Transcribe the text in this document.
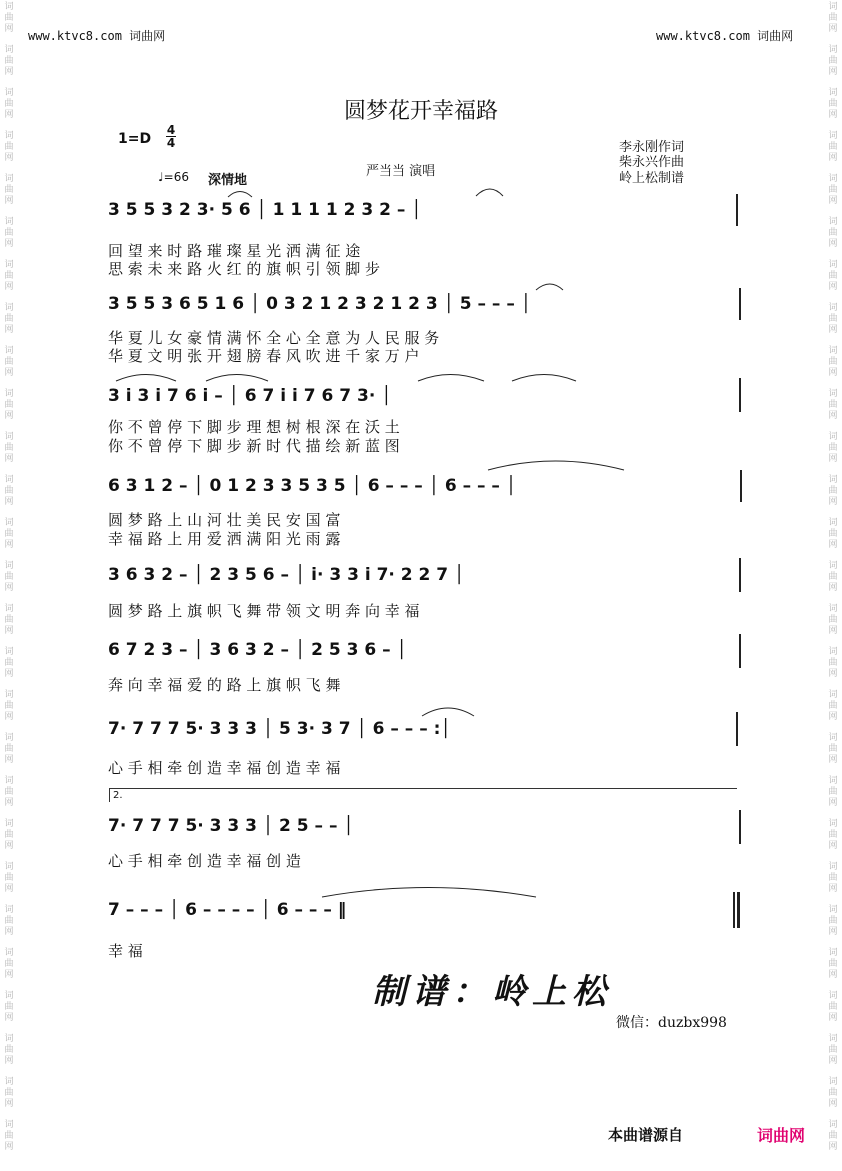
词
曲
网
词
曲
网
词
曲
网
词
曲
网
词
曲
网
词
曲
网
词
曲
网
词
曲
网
词
曲
网
词
曲
网
词
曲
网
词
曲
网
词
曲
网
词
曲
网
词
曲
网
词
曲
网
词
曲
网
词
曲
网
词
曲
网
词
曲
网
词
曲
网
词
曲
网
词
曲
网
词
曲
网
词
曲
网
词
曲
网
词
曲
网
词
曲
网
词
曲
网
词
曲
网
词
曲
网
词
曲
网
词
曲
网
词
曲
网
词
曲
网
词
曲
网
词
曲
网
词
曲
网
词
曲
网
词
曲
网
词
曲
网
词
曲
网
词
曲
网
词
曲
网
词
曲
网
词
曲
网
词
曲
网
词
曲
网
词
曲
网
词
曲
网
词
曲
网
词
曲
网
词
曲
网
词
曲
网
www.ktvc8.com 词曲网	www.ktvc8.com 词曲网
圆梦花开幸福路
1=D
4
4
♩=66 深情地
严当当 演唱
李永刚作词
柴永兴作曲
岭上松制谱
3 5 5 3 2 3· 5 6 │ 1 1 1 1 2 3 2 – │
回 望 来 时 路 璀 璨 星 光 洒 满 征 途
思 索 未 来 路 火 红 的 旗 帜 引 领 脚 步
3 5 5 3 6 5 1 6 │ 0 3 2 1 2 3 2 1 2 3 │ 5 – – – │
华 夏 儿 女 豪 情 满 怀 全 心 全 意 为 人 民 服 务
华 夏 文 明 张 开 翅 膀 春 风 吹 进 千 家 万 户
3 i 3 i 7 6 i – │ 6 7 i i 7 6 7 3· │
你 不 曾 停 下 脚 步 理 想 树 根 深 在 沃 土
你 不 曾 停 下 脚 步 新 时 代 描 绘 新 蓝 图
6 3 1 2 – │ 0 1 2 3 3 5 3 5 │ 6 – – – │ 6 – – – │
圆 梦 路 上 山 河 壮 美 民 安 国 富
幸 福 路 上 用 爱 洒 满 阳 光 雨 露
3 6 3 2 – │ 2 3 5 6 – │ i· 3 3 i 7· 2 2 7 │
圆 梦 路 上 旗 帜 飞 舞 带 领 文 明 奔 向 幸 福
6 7 2 3 – │ 3 6 3 2 – │ 2 5 3 6 – │
奔 向 幸 福 爱 的 路 上 旗 帜 飞 舞
7· 7 7 7 5· 3 3 3 │ 5 3· 3 7 │ 6 – – – :│
心 手 相 牵 创 造 幸 福 创 造 幸 福
2.
7· 7 7 7 5· 3 3 3 │ 2 5 – – │
心 手 相 牵 创 造 幸 福 创 造
7 – – – │ 6 – – – – │ 6 – – – ‖
幸 福
制谱：岭上松
微信：duzbx998
本曲谱源自	词曲网
